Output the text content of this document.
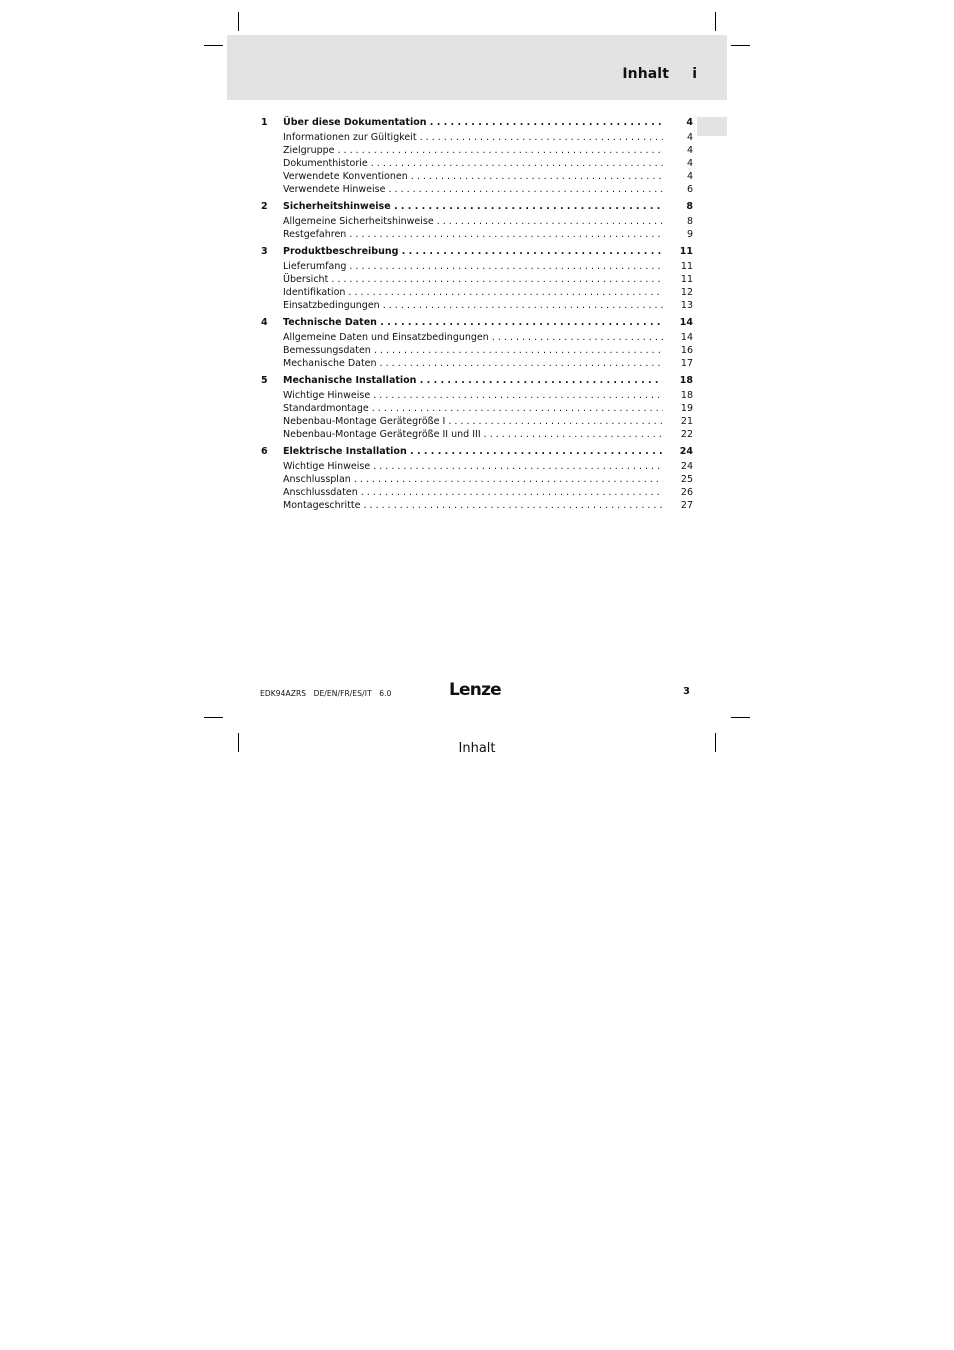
Inhalt i
1	Über diese Dokumentation . . .	4
Informationen zur Gültigkeit . . .	4
Zielgruppe . . .	4
Dokumenthistorie . . .	4
Verwendete Konventionen . . .	4
Verwendete Hinweise . . .	6
2	Sicherheitshinweise . . .	8
Allgemeine Sicherheitshinweise . . .	8
Restgefahren . . .	9
3	Produktbeschreibung . . .	11
Lieferumfang . . .	11
Übersicht . . .	11
Identifikation . . .	12
Einsatzbedingungen . . .	13
4	Technische Daten . . .	14
Allgemeine Daten und Einsatzbedingungen . . .	14
Bemessungsdaten . . .	16
Mechanische Daten . . .	17
5	Mechanische Installation . . .	18
Wichtige Hinweise . . .	18
Standardmontage . . .	19
Nebenbau-Montage Gerätegröße I . . .	21
Nebenbau-Montage Gerätegröße II und III . . .	22
6	Elektrische Installation . . .	24
Wichtige Hinweise . . .	24
Anschlussplan . . .	25
Anschlussdaten . . .	26
Montageschritte . . .	27
EDK94AZRS   DE/EN/FR/ES/IT   6.0	Lenze	3
Inhalt
